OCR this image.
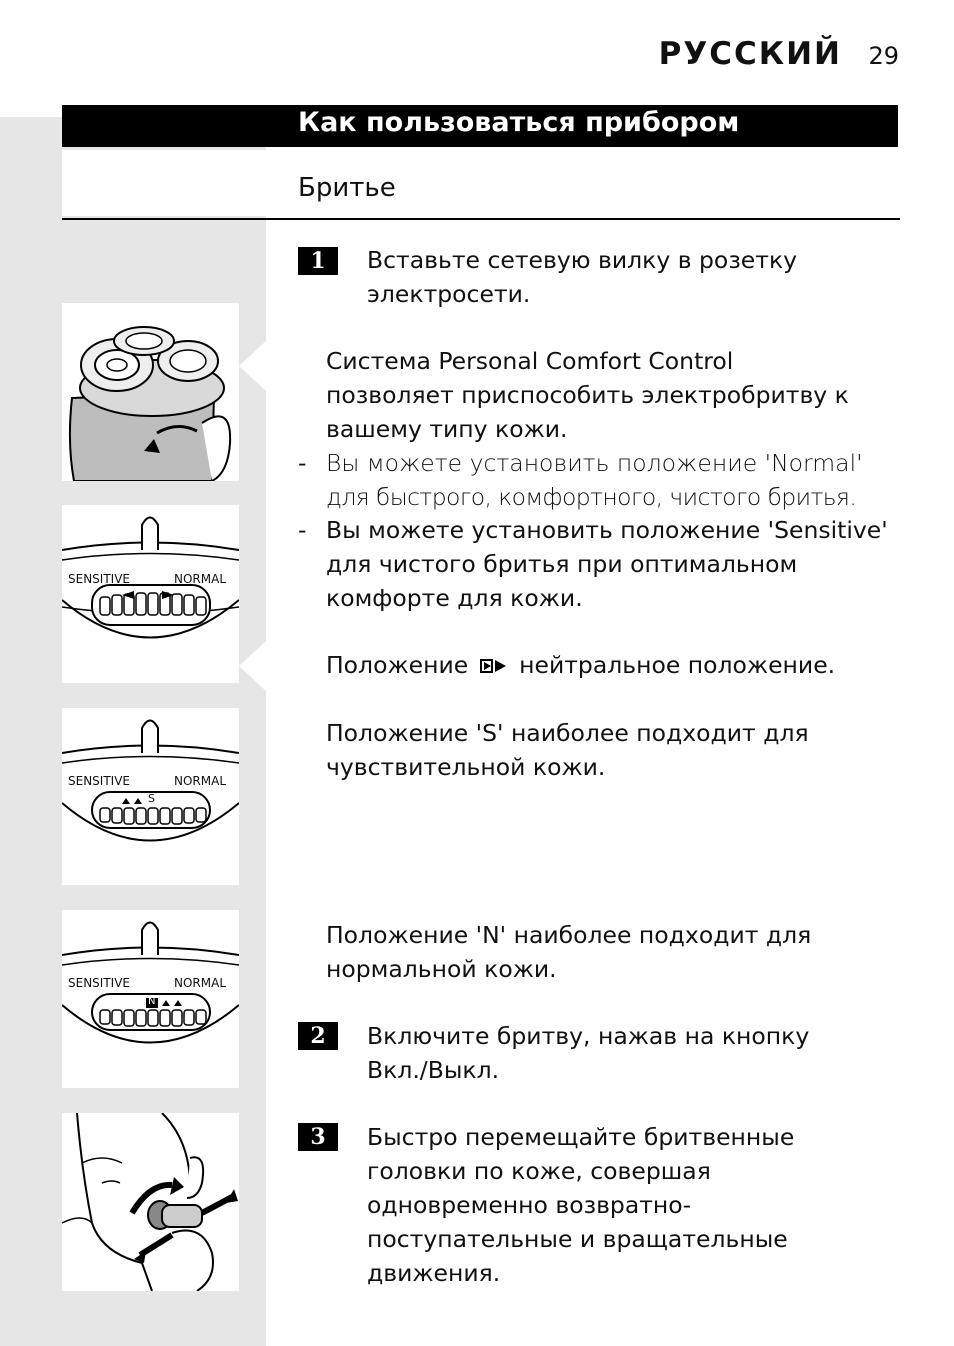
РУССКИЙ 29
Как пользоваться прибором
Бритье
SENSITIVE	NORMAL
SENSITIVE	NORMAL
S
SENSITIVE	NORMAL
N
1	Вставьте сетевую вилку в розетку
электросети.
Система Personal Comfort Control
позволяет приспособить электробритву к
вашему типу кожи.
- Вы можете установить положение 'Normal'
для быстрого, комфортного, чистого бритья.
- Вы можете установить положение 'Sensitive'
для чистого бритья при оптимальном
комфорте для кожи.
Положение нейтральное положение.
Положение 'S' наиболее подходит для
чувствительной кожи.
Положение 'N' наиболее подходит для
нормальной кожи.
2	Включите бритву, нажав на кнопку
Вкл./Выкл.
3	Быстро перемещайте бритвенные
головки по коже, совершая
одновременно возвратно-
поступательные и вращательные
движения.
